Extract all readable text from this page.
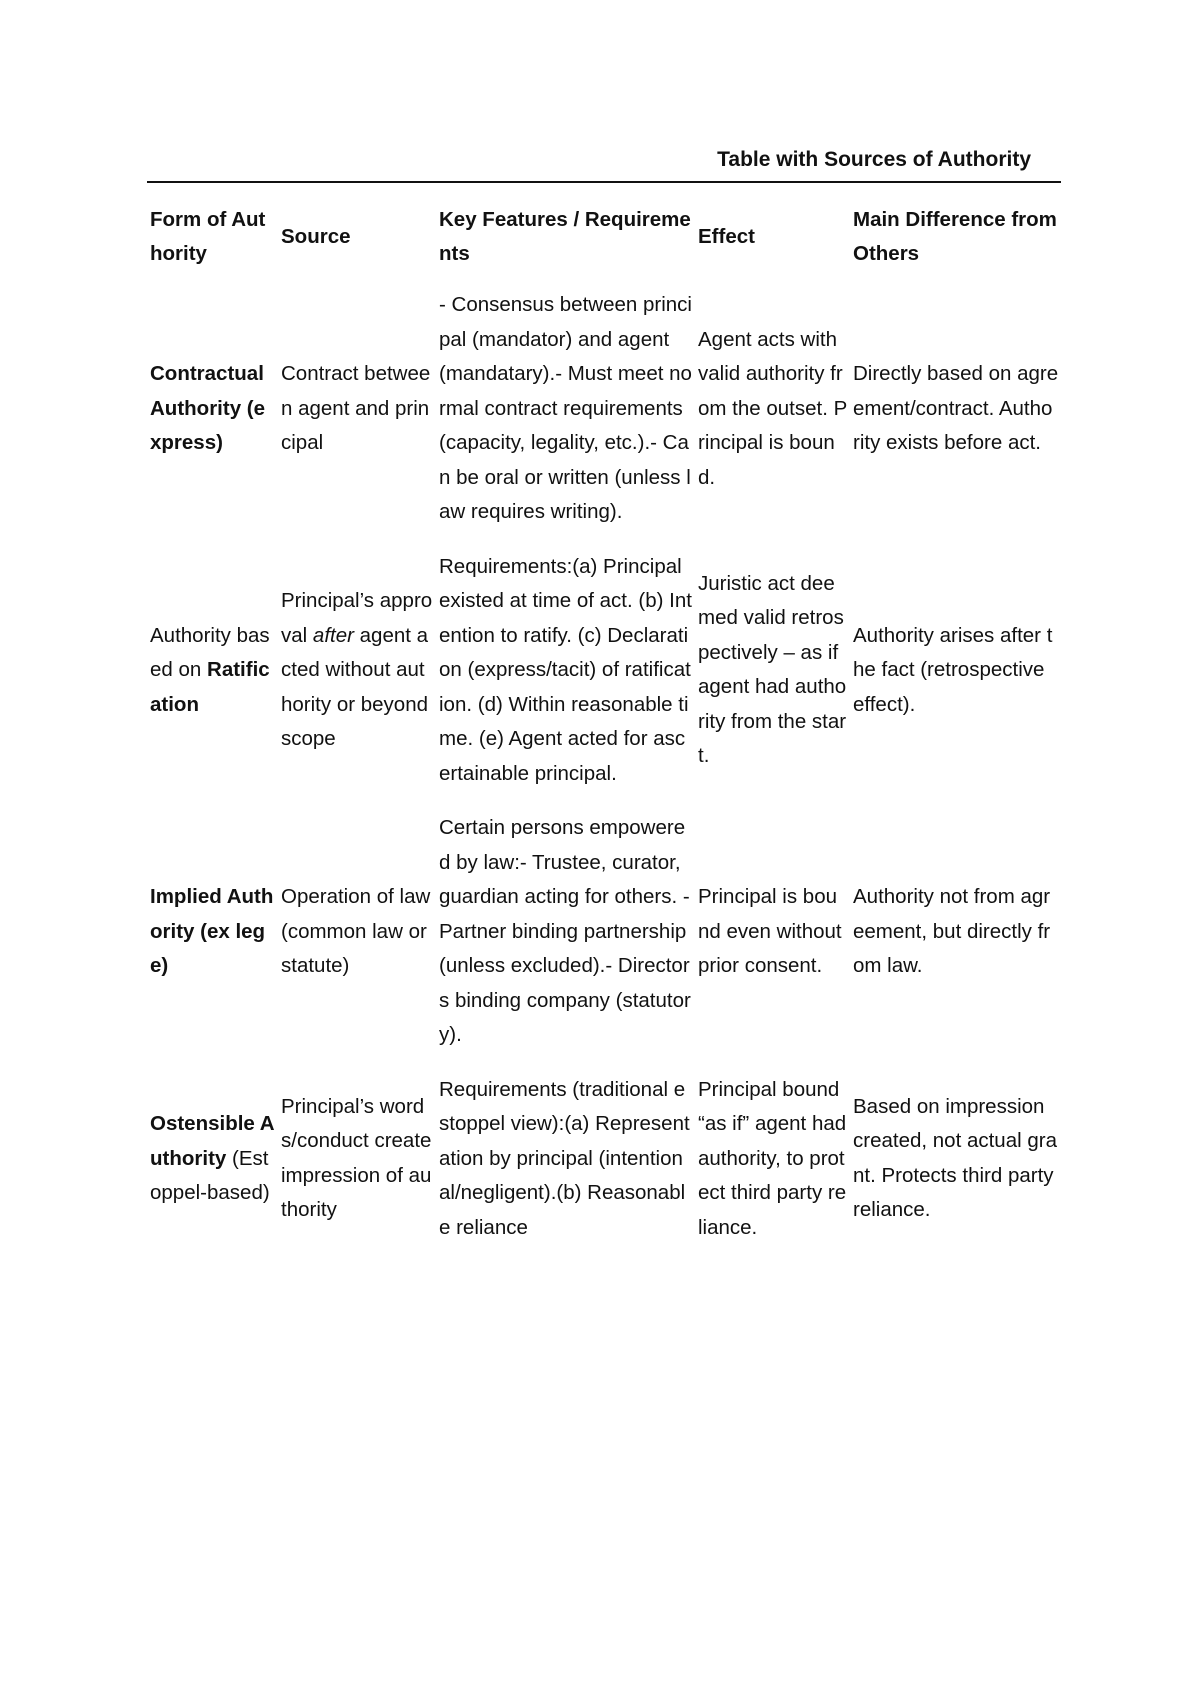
Table with Sources of Authority
Form of Authority	Source	Key Features / Requirements	Effect	Main Difference from Others
Contractual Authority (express)	Contract between agent and principal	- Consensus between principal (mandator) and agent (mandatary).- Must meet normal contract requirements (capacity, legality, etc.).- Can be oral or written (unless law requires writing).	Agent acts with valid authority from the outset. Principal is bound.	Directly based on agreement/contract. Authority exists before act.
Authority based on Ratification	Principal’s approval after agent acted without authority or beyond scope	Requirements:(a) Principal existed at time of act. (b) Intention to ratify. (c) Declaration (express/tacit) of ratification. (d) Within reasonable time. (e) Agent acted for ascertainable principal.	Juristic act deemed valid retrospectively – as if agent had authority from the start.	Authority arises after the fact (retrospective effect).
Implied Authority (ex lege)	Operation of law (common law or statute)	Certain persons empowered by law:- Trustee, curator, guardian acting for others. - Partner binding partnership (unless excluded).- Directors binding company (statutory).	Principal is bound even without prior consent.	Authority not from agreement, but directly from law.
Ostensible Authority (Estoppel-based)	Principal’s words/conduct create impression of authority	Requirements (traditional estoppel view):(a) Representation by principal (intentional/negligent).(b) Reasonable reliance	Principal bound “as if” agent had authority, to protect third party reliance.	Based on impression created, not actual grant. Protects third party reliance.
